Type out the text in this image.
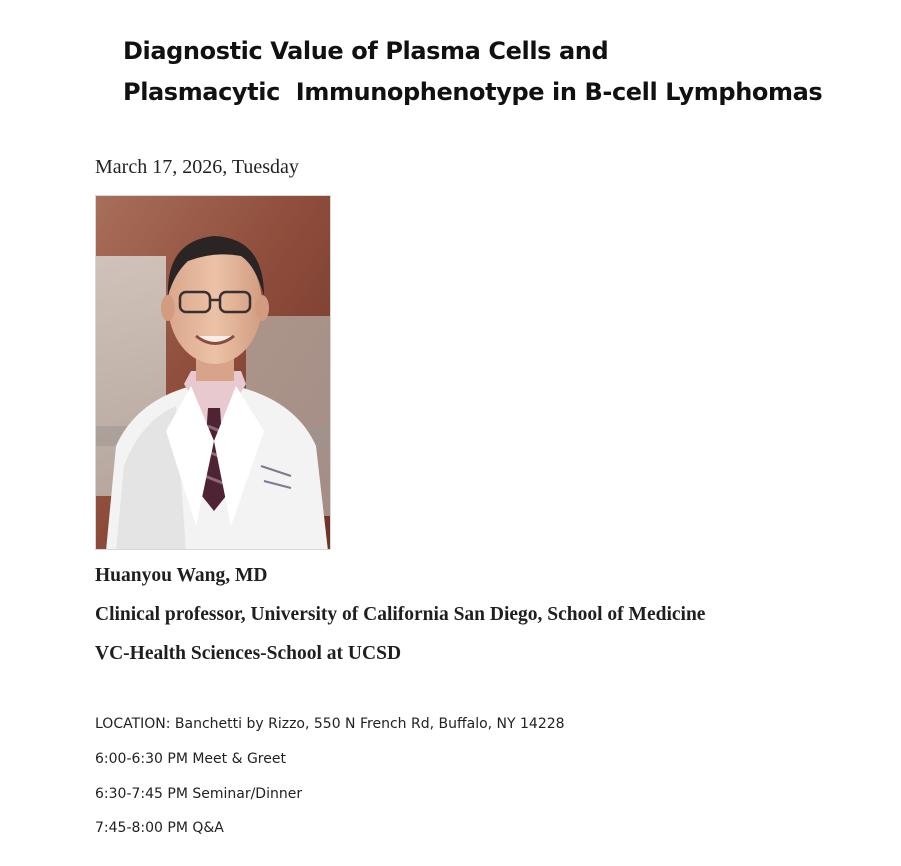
Diagnostic Value of Plasma Cells and
Plasmacytic  Immunophenotype in B-cell Lymphomas
March 17, 2026, Tuesday
Huanyou Wang, MD
Clinical professor, University of California San Diego, School of Medicine
VC-Health Sciences-School at UCSD
LOCATION: Banchetti by Rizzo, 550 N French Rd, Buffalo, NY 14228
6:00-6:30 PM Meet & Greet
6:30-7:45 PM Seminar/Dinner
7:45-8:00 PM Q&A
